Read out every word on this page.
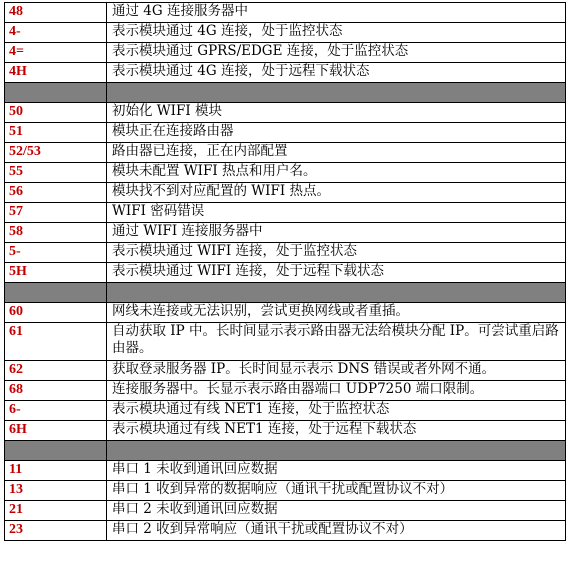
48	通过 4G 连接服务器中
4-	表示模块通过 4G 连接，处于监控状态
4=	表示模块通过 GPRS/EDGE 连接，处于监控状态
4H	表示模块通过 4G 连接，处于远程下载状态

50	初始化 WIFI 模块
51	模块正在连接路由器
52/53	路由器已连接，正在内部配置
55	模块未配置 WIFI 热点和用户名。
56	模块找不到对应配置的 WIFI 热点。
57	WIFI 密码错误
58	通过 WIFI 连接服务器中
5-	表示模块通过 WIFI 连接，处于监控状态
5H	表示模块通过 WIFI 连接，处于远程下载状态

60	网线未连接或无法识别，尝试更换网线或者重插。
61	自动获取 IP 中。长时间显示表示路由器无法给模块分配 IP。可尝试重启路由器。
62	获取登录服务器 IP。长时间显示表示 DNS 错误或者外网不通。
68	连接服务器中。长显示表示路由器端口 UDP7250 端口限制。
6-	表示模块通过有线 NET1 连接，处于监控状态
6H	表示模块通过有线 NET1 连接，处于远程下载状态

11	串口 1 未收到通讯回应数据
13	串口 1 收到异常的数据响应（通讯干扰或配置协议不对）
21	串口 2 未收到通讯回应数据
23	串口 2 收到异常响应（通讯干扰或配置协议不对）
